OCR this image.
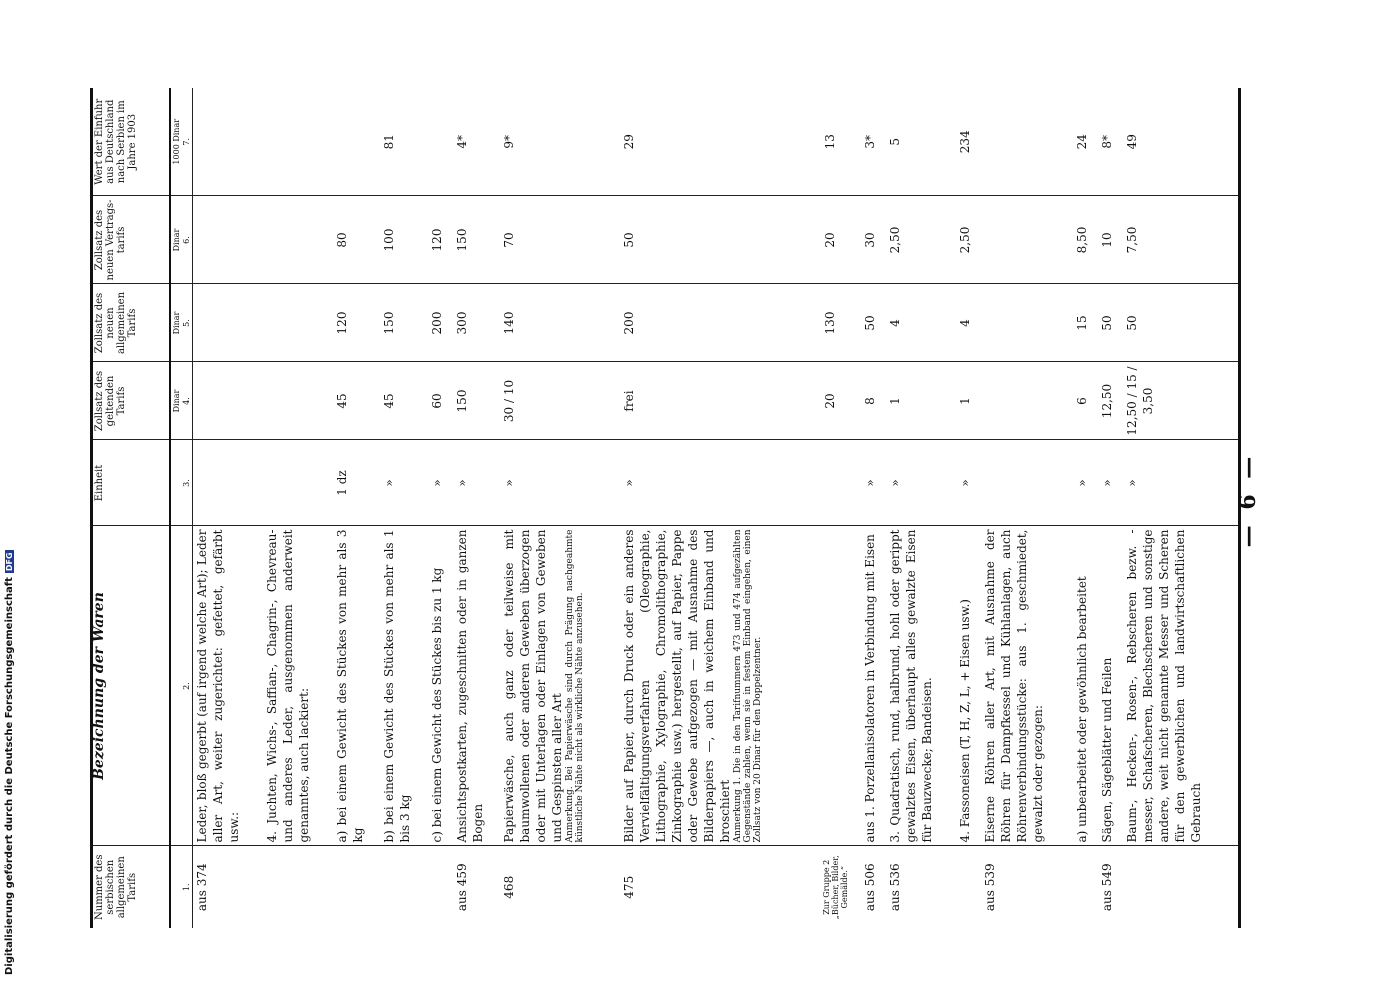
Digitalisierung gefördert durch die Deutsche Forschungsgemeinschaft
DFG
— 6 —
Nummer des serbischen allgemeinen Tarifs	Bezeichnung der Waren	Einheit	Zollsatz des geltenden Tarifs	Zollsatz des neuen allgemeinen Tarifs	Zollsatz des neuen Vertrags-tarifs	Wert der Einfuhr aus Deutschland nach Serbien im Jahre 1903
			Dinar	Dinar	Dinar	1000 Dinar
1.	2.	3.	4.	5.	6.	7.
aus 374	Leder, bloß gegerbt (auf irgend welche Art); Leder aller Art, weiter zugerichtet: gefettet, gefärbt usw.:					
	4. Juchten, Wichs-, Saffian-, Chagrin-, Chevreau- und anderes Leder, ausgenommen anderweit genanntes, auch lackiert:					
	a) bei einem Gewicht des Stückes von mehr als 3 kg	1 dz	45	120	80	
	b) bei einem Gewicht des Stückes von mehr als 1 bis 3 kg	»	45	150	100	81
	c) bei einem Gewicht des Stückes bis zu 1 kg	»	60	200	120	
aus 459	Ansichtspostkarten, zugeschnitten oder in ganzen Bogen	»	150	300	150	4*
468	Papierwäsche, auch ganz oder teilweise mit baumwollenen oder anderen Geweben überzogen oder mit Unterlagen oder Einlagen von Geweben und Gespinsten aller Art Anmerkung. Bei Papierwäsche sind durch Prägung nachgeahmte künstliche Nähte nicht als wirkliche Nähte anzusehen.	»	30 / 10	140	70	9*
475	Bilder auf Papier, durch Druck oder ein anderes Vervielfältigungsverfahren (Oleographie, Lithographie, Xylographie, Chromolithographie, Zinkographie usw.) hergestellt, auf Papier, Pappe oder Gewebe aufgezogen — mit Ausnahme des Bilderpapiers —, auch in weichem Einband und broschiert Anmerkung 1. Die in den Tarifnummern 473 und 474 aufgezählten Gegenstände zahlen, wenn sie in festem Einband eingehen, einen Zollsatz von 20 Dinar für den Doppelzentner.	»	frei	200	50	29

Zur Gruppe 2 „Bücher, Bilder, Gemälde.“			20	130	20	13
aus 506	aus 1. Porzellanisolatoren in Verbindung mit Eisen	»	8	50	30	3*
aus 536	3. Quadratisch, rund, halbrund, hohl oder gerippt gewalztes Eisen, überhaupt alles gewalzte Eisen für Bauzwecke; Bandeisen.	»	1	4	2,50	5
	4. Fassoneisen (T, H, Z, L, + Eisen usw.)	»	1	4	2,50	234
aus 539	Eiserne Röhren aller Art, mit Ausnahme der Röhren für Dampfkessel und Kühlanlagen, auch Röhrenverbindungsstücke: aus 1. geschmiedet, gewalzt oder gezogen:					
	a) unbearbeitet oder gewöhnlich bearbeitet	»	6	15	8,50	24
aus 549	Sägen, Sägeblätter und Feilen	»	12,50	50	10	8*
	Baum-, Hecken-, Rosen-, Rebscheren bezw. -messer, Schafscheren, Blechscheren und sonstige andere, weit nicht genannte Messer und Scheren für den gewerblichen und landwirtschaftlichen Gebrauch	»	12,50 / 15 / 3,50	50	7,50	49
